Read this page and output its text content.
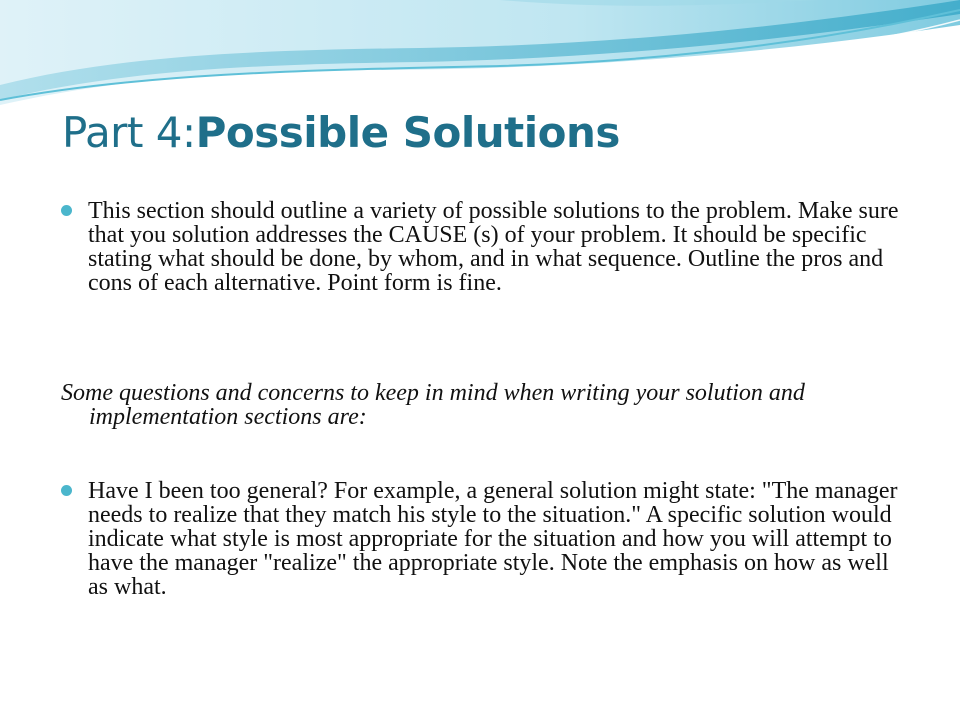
Part 4:Possible Solutions
This section should outline a variety of possible solutions to the problem. Make sure that you solution addresses the CAUSE (s) of your problem. It should be specific stating what should be done, by whom, and in what sequence. Outline the pros and cons of each alternative. Point form is fine.

Some questions and concerns to keep in mind when writing your solution and implementation sections are:

Have I been too general? For example, a general solution might state: "The manager needs to realize that they match his style to the situation." A specific solution would indicate what style is most appropriate for the situation and how you will attempt to have the manager "realize" the appropriate style. Note the emphasis on how as well as what.
